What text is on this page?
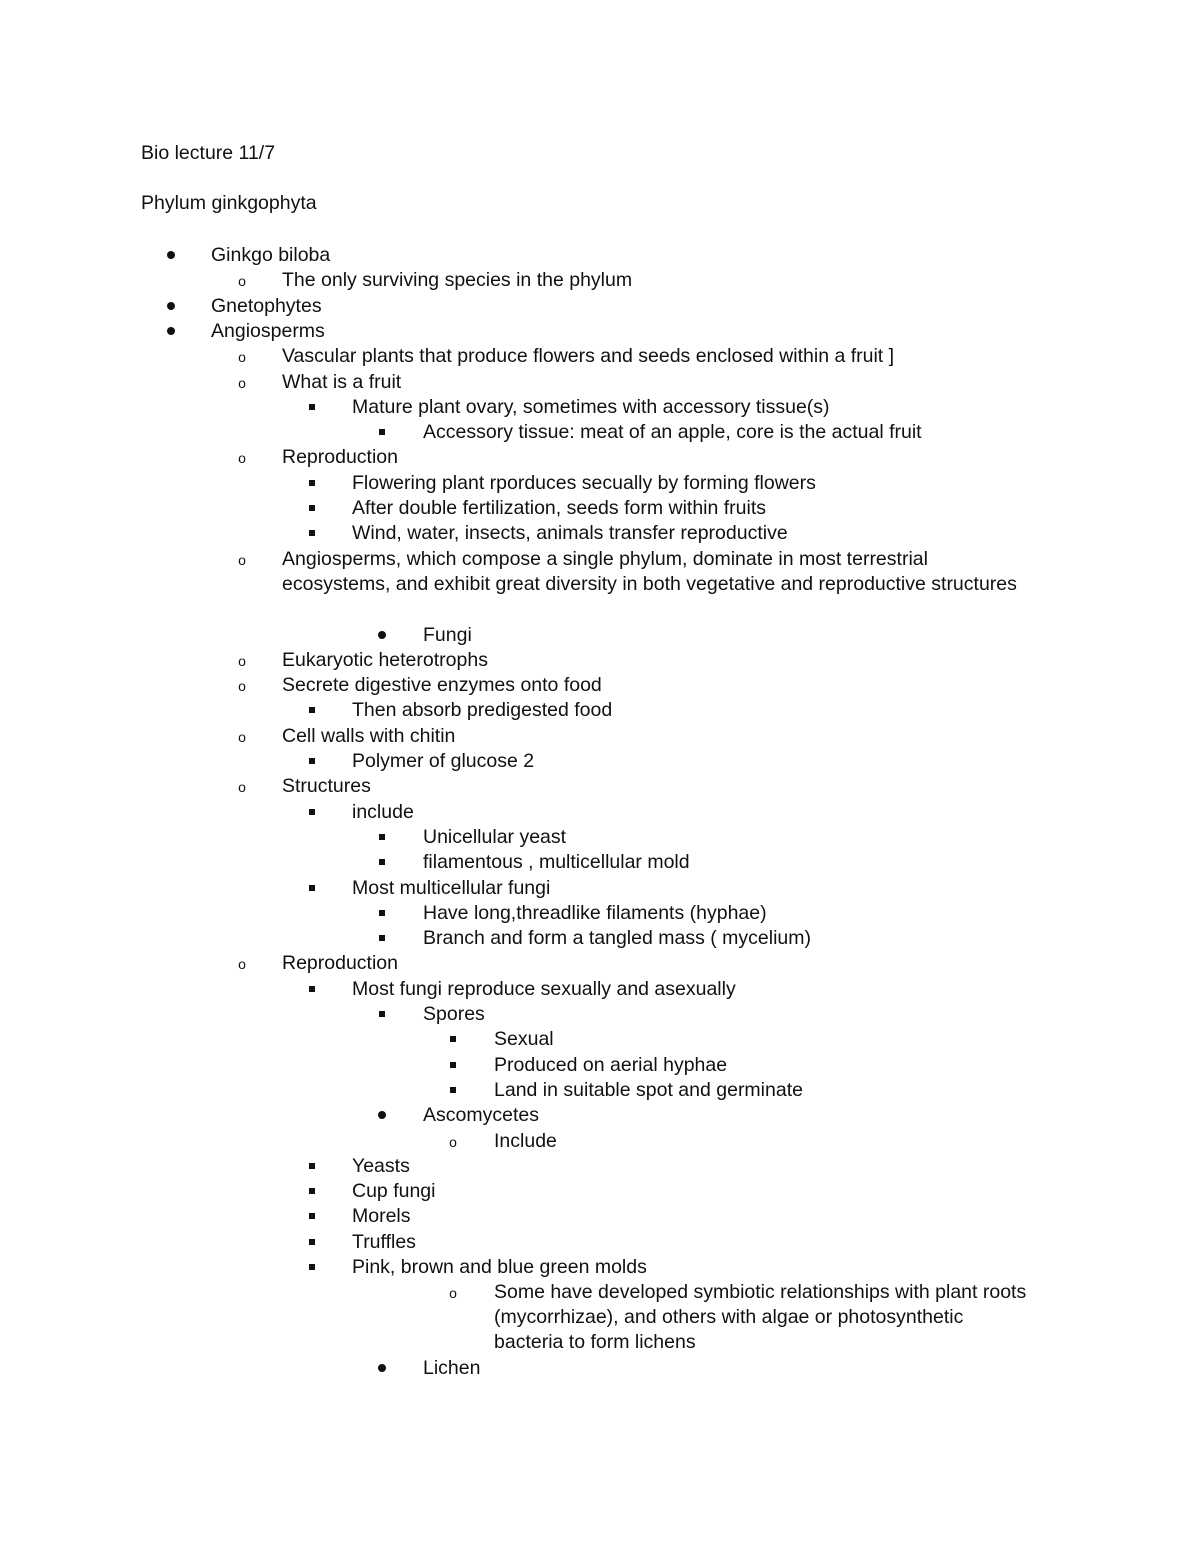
Bio lecture 11/7
Phylum ginkgophyta
Ginkgo biloba
o	The only surviving species in the phylum
Gnetophytes
Angiosperms
o	Vascular plants that produce flowers and seeds enclosed within a fruit ]
o	What is a fruit
Mature plant ovary, sometimes with accessory tissue(s)
Accessory tissue: meat of an apple, core is the actual fruit
o	Reproduction
Flowering plant rporduces secually by forming flowers
After double fertilization, seeds form within fruits
Wind, water, insects, animals transfer reproductive
o	Angiosperms, which compose a single phylum, dominate in most terrestrial ecosystems, and exhibit great diversity in both vegetative and reproductive structures
Fungi
o	Eukaryotic heterotrophs
o	Secrete digestive enzymes onto food
Then absorb predigested food
o	Cell walls with chitin
Polymer of glucose 2
o	Structures
include
Unicellular yeast
filamentous , multicellular mold
Most multicellular fungi
Have long,threadlike filaments (hyphae)
Branch and form a tangled mass ( mycelium)
o	Reproduction
Most fungi reproduce sexually and asexually
Spores
Sexual
Produced on aerial hyphae
Land in suitable spot and germinate
Ascomycetes
o	Include
Yeasts
Cup fungi
Morels
Truffles
Pink, brown and blue green molds
o	Some have developed symbiotic relationships with plant roots (mycorrhizae), and others with algae or photosynthetic bacteria to form lichens
Lichen
